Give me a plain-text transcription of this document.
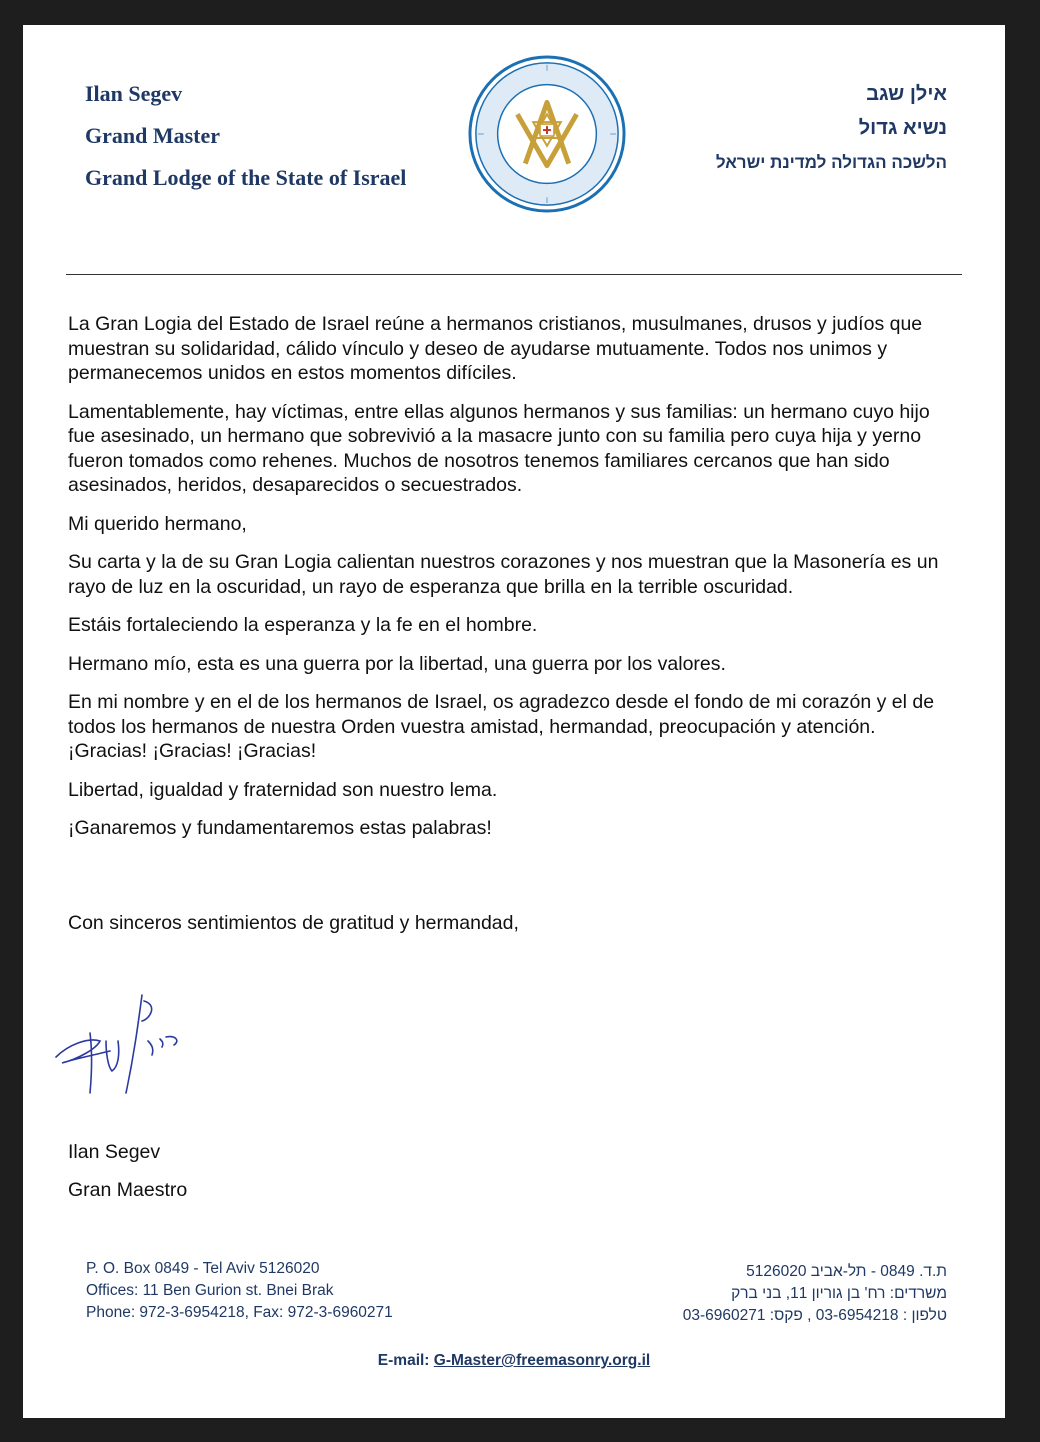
Ilan Segev
Grand Master
Grand Lodge of the State of Israel
אילן שגב
נשיא גדול
הלשכה הגדולה למדינת ישראל

La Gran Logia del Estado de Israel reúne a hermanos cristianos, musulmanes, drusos y judíos que muestran su solidaridad, cálido vínculo y deseo de ayudarse mutuamente. Todos nos unimos y permanecemos unidos en estos momentos difíciles.

Lamentablemente, hay víctimas, entre ellas algunos hermanos y sus familias: un hermano cuyo hijo fue asesinado, un hermano que sobrevivió a la masacre junto con su familia pero cuya hija y yerno fueron tomados como rehenes. Muchos de nosotros tenemos familiares cercanos que han sido asesinados, heridos, desaparecidos o secuestrados.

Mi querido hermano,

Su carta y la de su Gran Logia calientan nuestros corazones y nos muestran que la Masonería es un rayo de luz en la oscuridad, un rayo de esperanza que brilla en la terrible oscuridad.

Estáis fortaleciendo la esperanza y la fe en el hombre.

Hermano mío, esta es una guerra por la libertad, una guerra por los valores.

En mi nombre y en el de los hermanos de Israel, os agradezco desde el fondo de mi corazón y el de todos los hermanos de nuestra Orden vuestra amistad, hermandad, preocupación y atención. ¡Gracias! ¡Gracias! ¡Gracias!

Libertad, igualdad y fraternidad son nuestro lema.

¡Ganaremos y fundamentaremos estas palabras!

Con sinceros sentimientos de gratitud y hermandad,
Ilan Segev
Gran Maestro
P. O. Box 0849 - Tel Aviv 5126020
Offices: 11 Ben Gurion st. Bnei Brak
Phone: 972-3-6954218, Fax: 972-3-6960271
ת.ד. 0849 - תל-אביב 5126020
משרדים: רח' בן גוריון 11, בני ברק
טלפון : 03-6954218 , פקס: 03-6960271
E-mail: G-Master@freemasonry.org.il
